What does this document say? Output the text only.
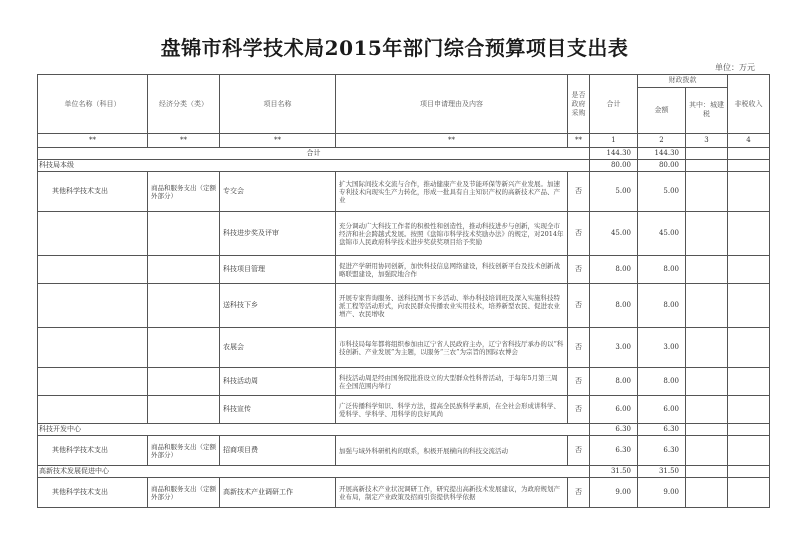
盘锦市科学技术局2015年部门综合预算项目支出表
单位：万元
单位名称（科目）	经济分类（类）	项目名称	项目申请理由及内容	是否政府采购	合计	财政拨款		非税收入
						金额	其中：城建税	
**	**	**	**	**	1	2	3	4
合计					144.30	144.30		
科技局本级					80.00	80.00		
其他科学技术支出	商品和服务支出（定额外部分）	专交会	扩大国际间技术交流与合作，推动健康产业及节能环保等新兴产业发展。加速专利技术向现实生产力转化，形成一批具有自主知识产权的高新技术产品、产业	否	5.00	5.00		
		科技进步奖及评审	充分调动广大科技工作者的积极性和创造性，推动科技进步与创新，实现全市经济和社会跨越式发展。按照《盘锦市科学技术奖励办法》的规定，对2014年盘锦市人民政府科学技术进步奖获奖项目给予奖励	否	45.00	45.00		
		科技项目管理	促进产学研用协同创新，加快科技信息网络建设，科技创新平台及技术创新战略联盟建设，加强院地合作	否	8.00	8.00		
		送科技下乡	开展专家咨询服务、送科技图书下乡活动、举办科技培训班及深入实施科技特派工程等活动形式，向农民群众传播农业实用技术，培养新型农民、促进农业增产、农民增收	否	8.00	8.00		
		农展会	市科技局每年都将组织参加由辽宁省人民政府主办，辽宁省科技厅承办的以“科技创新、产业发展”为主题，以服务“三农”为宗旨的国际农博会	否	3.00	3.00		
		科技活动周	科技活动周是经由国务院批准设立的大型群众性科普活动，于每年5月第三周在全国范围内举行	否	8.00	8.00		
		科技宣传	广泛传播科学知识、科学方法，提高全民族科学素质，在全社会形成讲科学、爱科学、学科学、用科学的良好风尚	否	6.00	6.00		
科技开发中心					6.30	6.30		
其他科学技术支出	商品和服务支出（定额外部分）	招商项目费	加强与域外科研机构的联系，积极开展横向的科技交流活动	否	6.30	6.30		
高新技术发展促进中心					31.50	31.50		
其他科学技术支出	商品和服务支出（定额外部分）	高新技术产业调研工作	开展高新技术产业状况调研工作，研究提出高新技术发展建议，为政府规划产业布局，制定产业政策及招商引资提供科学依据	否	9.00	9.00		
